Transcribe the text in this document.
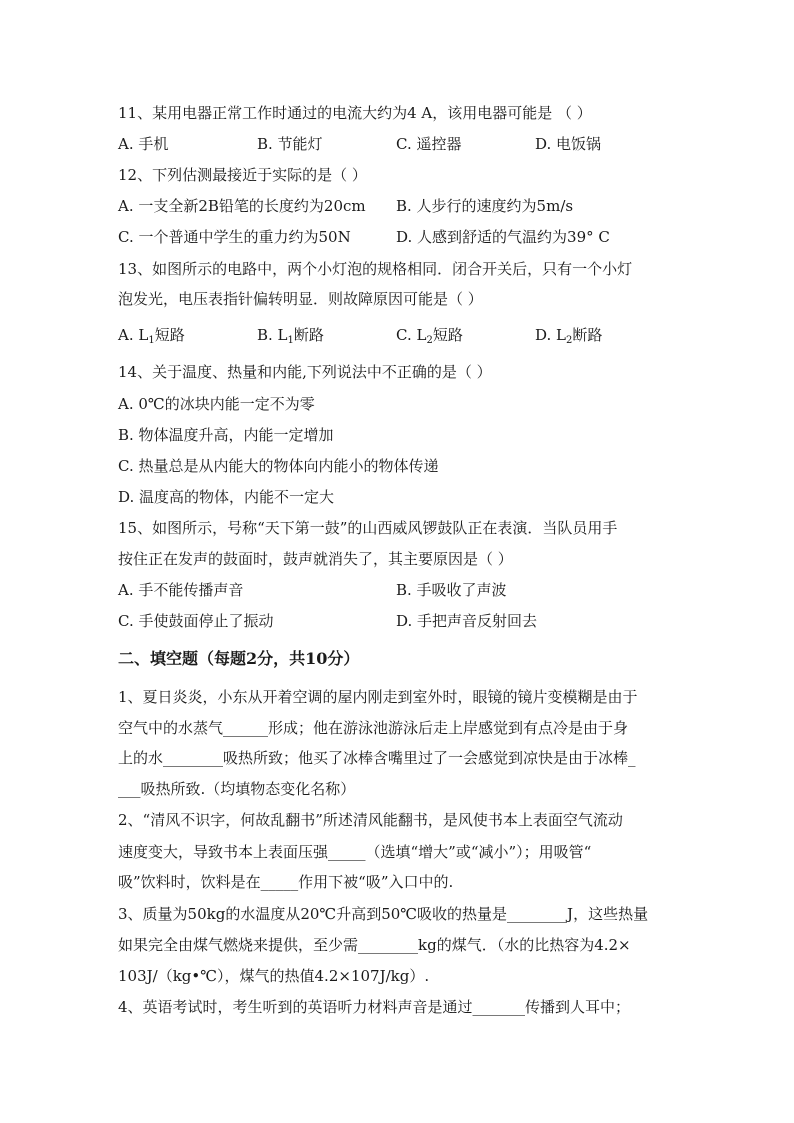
11、某用电器正常工作时通过的电流大约为4 A，该用电器可能是 （ ）
A. 手机	B. 节能灯	C. 遥控器	D. 电饭锅
12、下列估测最接近于实际的是（ ）
A. 一支全新2B铅笔的长度约为20cm B. 人步行的速度约为5m/s
C. 一个普通中学生的重力约为50N	D. 人感到舒适的气温约为39° C
13、如图所示的电路中，两个小灯泡的规格相同．闭合开关后，只有一个小灯
泡发光，电压表指针偏转明显．则故障原因可能是（ ）
A. $L_1$短路	B. $L_1$断路	C. $L_2$短路	D. $L_2$断路
14、关于温度、热量和内能,下列说法中不正确的是（ ）
A. 0℃的冰块内能一定不为零
B. 物体温度升高，内能一定增加
C. 热量总是从内能大的物体向内能小的物体传递
D. 温度高的物体，内能不一定大
15、如图所示，号称“天下第一鼓”的山西威风锣鼓队正在表演．当队员用手
按住正在发声的鼓面时，鼓声就消失了，其主要原因是（ ）
A. 手不能传播声音	B. 手吸收了声波
C. 手使鼓面停止了振动	D. 手把声音反射回去
二、填空题（每题2分，共10分）
1、夏日炎炎，小东从开着空调的屋内刚走到室外时，眼镜的镜片变模糊是由于
空气中的水蒸气______形成；他在游泳池游泳后走上岸感觉到有点冷是由于身
上的水________吸热所致；他买了冰棒含嘴里过了一会感觉到凉快是由于冰棒_
___吸热所致.（均填物态变化名称）
2、“清风不识字，何故乱翻书”所述清风能翻书，是风使书本上表面空气流动
速度变大，导致书本上表面压强_____（选填“增大”或“减小”）；用吸管“
吸”饮料时，饮料是在_____作用下被“吸”入口中的.
3、质量为50kg的水温度从20℃升高到50℃吸收的热量是________J，这些热量
如果完全由煤气燃烧来提供，至少需________kg的煤气．（水的比热容为4.2×
103J/（kg•℃），煤气的热值4.2×107J/kg）.
4、英语考试时，考生听到的英语听力材料声音是通过_______传播到人耳中；
